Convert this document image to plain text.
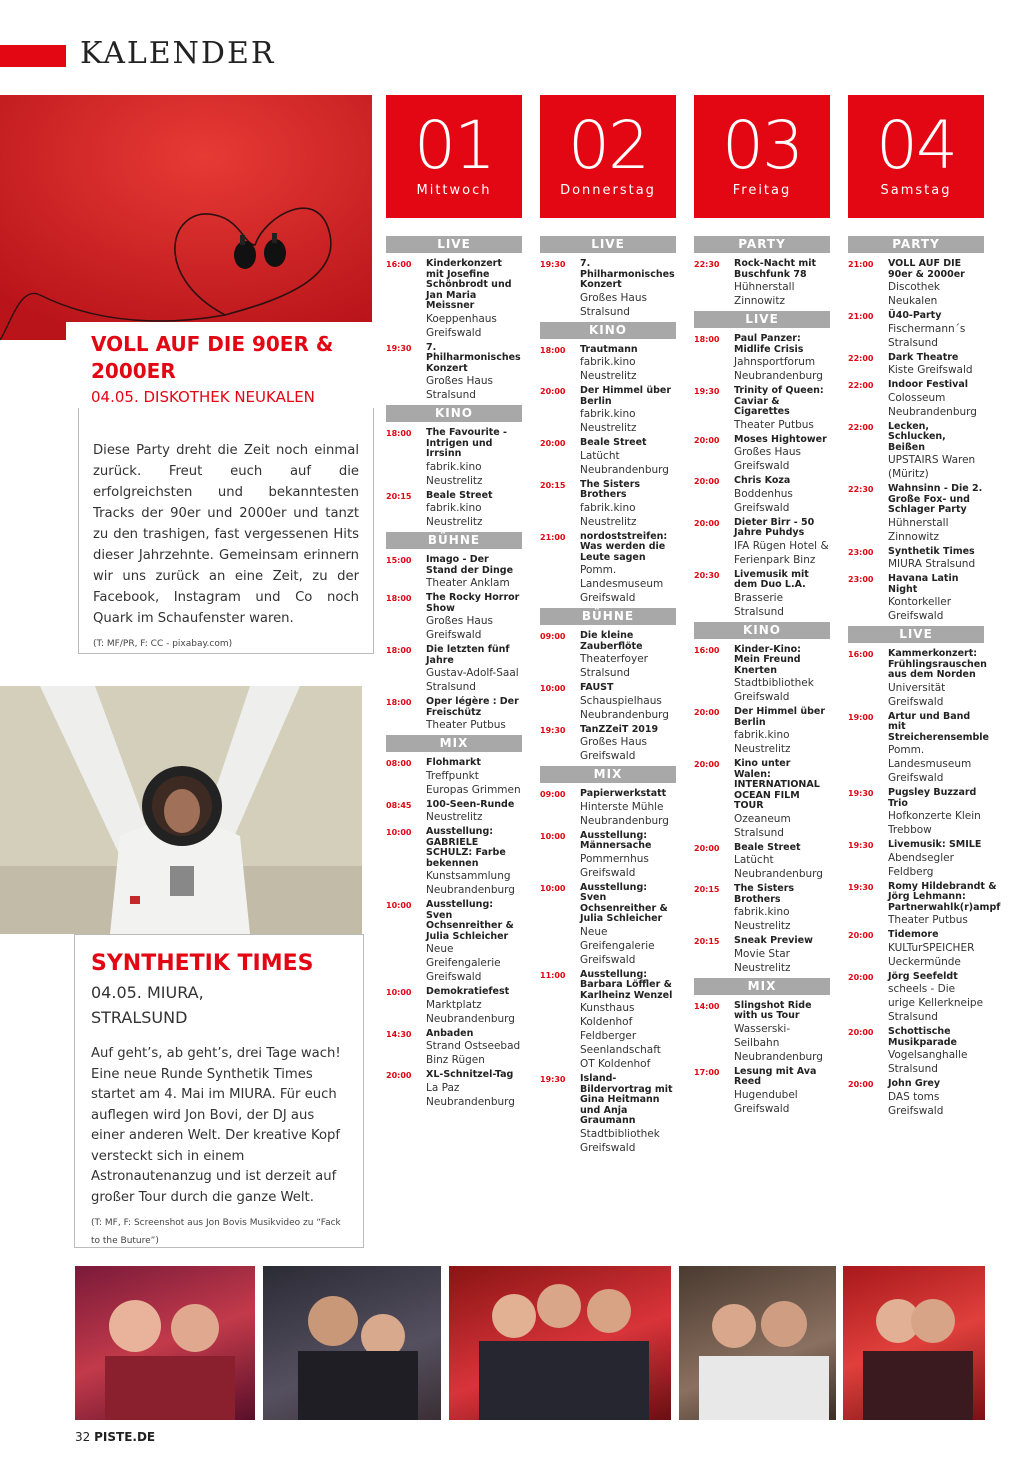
KALENDER
VOLL AUF DIE 90ER & 2000ER
04.05. DISKOTHEK NEUKALEN
Diese Party dreht die Zeit noch einmal zurück. Freut euch auf die erfolgreichsten und bekanntesten Tracks der 90er und 2000er und tanzt zu den trashigen, fast vergessenen Hits dieser Jahrzehnte. Gemeinsam erinnern wir uns zurück an eine Zeit, zu der Facebook, Instagram und Co noch Quark im Schaufenster waren.
(T: MF/PR, F: CC - pixabay.com)
SYNTHETIK TIMES
04.05. MIURA,
STRALSUND
Auf geht’s, ab geht’s, drei Tage wach! Eine neue Runde Synthetik Times startet am 4. Mai im MIURA. Für euch auflegen wird Jon Bovi, der DJ aus einer anderen Welt. Der kreative Kopf versteckt sich in einem Astronautenanzug und ist derzeit auf großer Tour durch die ganze Welt.
(T: MF, F: Screenshot aus Jon Bovis Musikvideo zu “Fack to the Buture”)
01
Mittwoch
02
Donnerstag
03
Freitag
04
Samstag
LIVE
16:00	Kinderkonzert mit Josefine Schönbrodt und Jan Maria Meissner
Koeppenhaus Greifswald
19:30	7. Philharmonisches Konzert
Großes Haus Stralsund
KINO
18:00	The Favourite - Intrigen und Irrsinn
fabrik.kino Neustrelitz
20:15	Beale Street
fabrik.kino Neustrelitz
BÜHNE
15:00	Imago - Der Stand der Dinge
Theater Anklam
18:00	The Rocky Horror Show
Großes Haus Greifswald
18:00	Die letzten fünf Jahre
Gustav-Adolf-Saal Stralsund
18:00	Oper légère : Der Freischütz
Theater Putbus
MIX
08:00	Flohmarkt
Treffpunkt Europas Grimmen
08:45	100-Seen-Runde
Neustrelitz
10:00	Ausstellung: GABRIELE SCHULZ: Farbe bekennen
Kunstsammlung Neubrandenburg
10:00	Ausstellung: Sven Ochsenreither & Julia Schleicher
Neue Greifengalerie Greifswald
10:00	Demokratiefest
Marktplatz Neubrandenburg
14:30	Anbaden
Strand Ostseebad Binz Rügen
20:00	XL-Schnitzel-Tag
La Paz Neubrandenburg
LIVE
19:30	7. Philharmonisches Konzert
Großes Haus Stralsund
KINO
18:00	Trautmann
fabrik.kino Neustrelitz
20:00	Der Himmel über Berlin
fabrik.kino Neustrelitz
20:00	Beale Street
Latücht Neubrandenburg
20:15	The Sisters Brothers
fabrik.kino Neustrelitz
21:00	nordoststreifen: Was werden die Leute sagen
Pomm. Landesmuseum Greifswald
BÜHNE
09:00	Die kleine Zauberflöte
Theaterfoyer Stralsund
10:00	FAUST
Schauspielhaus Neubrandenburg
19:30	TanZZeiT 2019
Großes Haus Greifswald
MIX
09:00	Papierwerkstatt
Hinterste Mühle Neubrandenburg
10:00	Ausstellung: Männersache
Pommernhus Greifswald
10:00	Ausstellung: Sven Ochsenreither & Julia Schleicher
Neue Greifengalerie Greifswald
11:00	Ausstellung: Barbara Löffler & Karlheinz Wenzel
Kunsthaus Koldenhof Feldberger Seenlandschaft OT Koldenhof
19:30	Island-Bildervortrag mit Gina Heitmann und Anja Graumann
Stadtbibliothek Greifswald
PARTY
22:30	Rock-Nacht mit Buschfunk 78
Hühnerstall Zinnowitz
LIVE
18:00	Paul Panzer: Midlife Crisis
Jahnsportforum Neubrandenburg
19:30	Trinity of Queen: Caviar & Cigarettes
Theater Putbus
20:00	Moses Hightower
Großes Haus Greifswald
20:00	Chris Koza
Boddenhus Greifswald
20:00	Dieter Birr - 50 Jahre Puhdys
IFA Rügen Hotel & Ferienpark Binz
20:30	Livemusik mit dem Duo L.A.
Brasserie Stralsund
KINO
16:00	Kinder-Kino: Mein Freund Knerten
Stadtbibliothek Greifswald
20:00	Der Himmel über Berlin
fabrik.kino Neustrelitz
20:00	Kino unter Walen: INTERNATIONAL OCEAN FILM TOUR
Ozeaneum Stralsund
20:00	Beale Street
Latücht Neubrandenburg
20:15	The Sisters Brothers
fabrik.kino Neustrelitz
20:15	Sneak Preview
Movie Star Neustrelitz
MIX
14:00	Slingshot Ride with us Tour
Wasserski-Seilbahn Neubrandenburg
17:00	Lesung mit Ava Reed
Hugendubel Greifswald
PARTY
21:00	VOLL AUF DIE 90er & 2000er
Discothek Neukalen
21:00	Ü40-Party
Fischermann´s Stralsund
22:00	Dark Theatre
Kiste Greifswald
22:00	Indoor Festival
Colosseum Neubrandenburg
22:00	Lecken, Schlucken, Beißen
UPSTAIRS Waren (Müritz)
22:30	Wahnsinn - Die 2. Große Fox- und Schlager Party
Hühnerstall Zinnowitz
23:00	Synthetik Times
MIURA Stralsund
23:00	Havana Latin Night
Kontorkeller Greifswald
LIVE
16:00	Kammerkonzert: Frühlingsrauschen aus dem Norden
Universität Greifswald
19:00	Artur und Band mit Streicherensemble
Pomm. Landesmuseum Greifswald
19:30	Pugsley Buzzard Trio
Hofkonzerte Klein Trebbow
19:30	Livemusik: SMILE
Abendsegler Feldberg
19:30	Romy Hildebrandt & Jörg Lehmann: Partnerwahlk(r)ampf
Theater Putbus
20:00	Tidemore
KULTurSPEICHER Ueckermünde
20:00	Jörg Seefeldt
scheels - Die urige Kellerkneipe Stralsund
20:00	Schottische Musikparade
Vogelsanghalle Stralsund
20:00	John Grey
DAS toms Greifswald
32 PISTE.DE
